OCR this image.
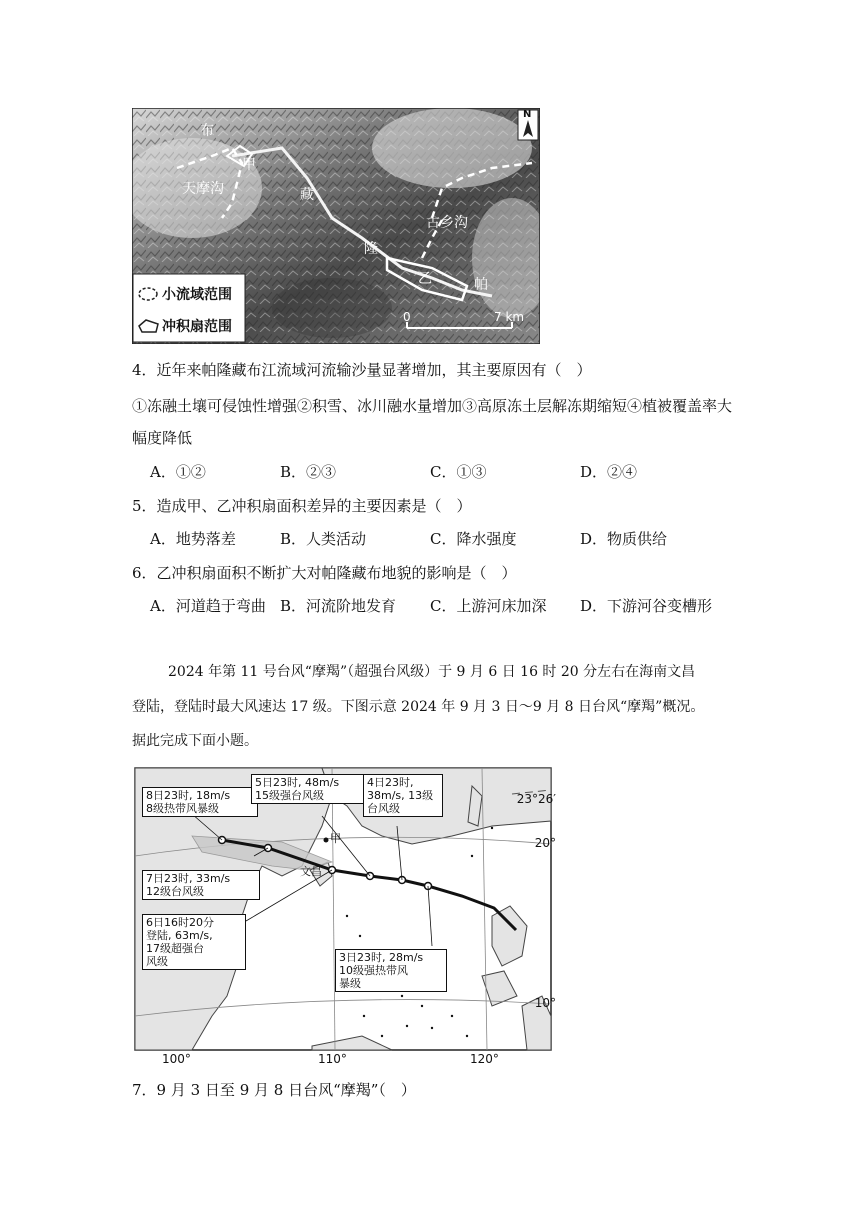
布
甲
天摩沟	藏
古乡沟
隆
乙	帕
N
小流域范围
冲积扇范围
0	7 km
4．近年来帕隆藏布江流域河流输沙量显著增加，其主要原因有（　）
①冻融土壤可侵蚀性增强②积雪、冰川融水量增加③高原冻土层解冻期缩短④植被覆盖率大
幅度降低
A．①②	B．②③	C．①③	D．②④
5．造成甲、乙冲积扇面积差异的主要因素是（　）
A．地势落差	B．人类活动	C．降水强度	D．物质供给
6．乙冲积扇面积不断扩大对帕隆藏布地貌的影响是（　）
A．河道趋于弯曲 B．河流阶地发育 C．上游河床加深 D．下游河谷变槽形
2024 年第 11 号台风“摩羯”（超强台风级）于 9 月 6 日 16 时 20 分左右在海南文昌
登陆，登陆时最大风速达 17 级。下图示意 2024 年 9 月 3 日～9 月 8 日台风“摩羯”概况。
据此完成下面小题。
8日23时, 18m/s
8级热带风暴级
5日23时, 48m/s
15级强台风级
4日23时,
38m/s, 13级
台风级
7日23时, 33m/s
12级台风级
6日16时20分
登陆, 63m/s,
17级超强台
风级	3日23时, 28m/s
10级强热带风
暴级
甲
文昌
23°26′
20°
10°
100°	110°	120°
7．9 月 3 日至 9 月 8 日台风“摩羯”（　）
